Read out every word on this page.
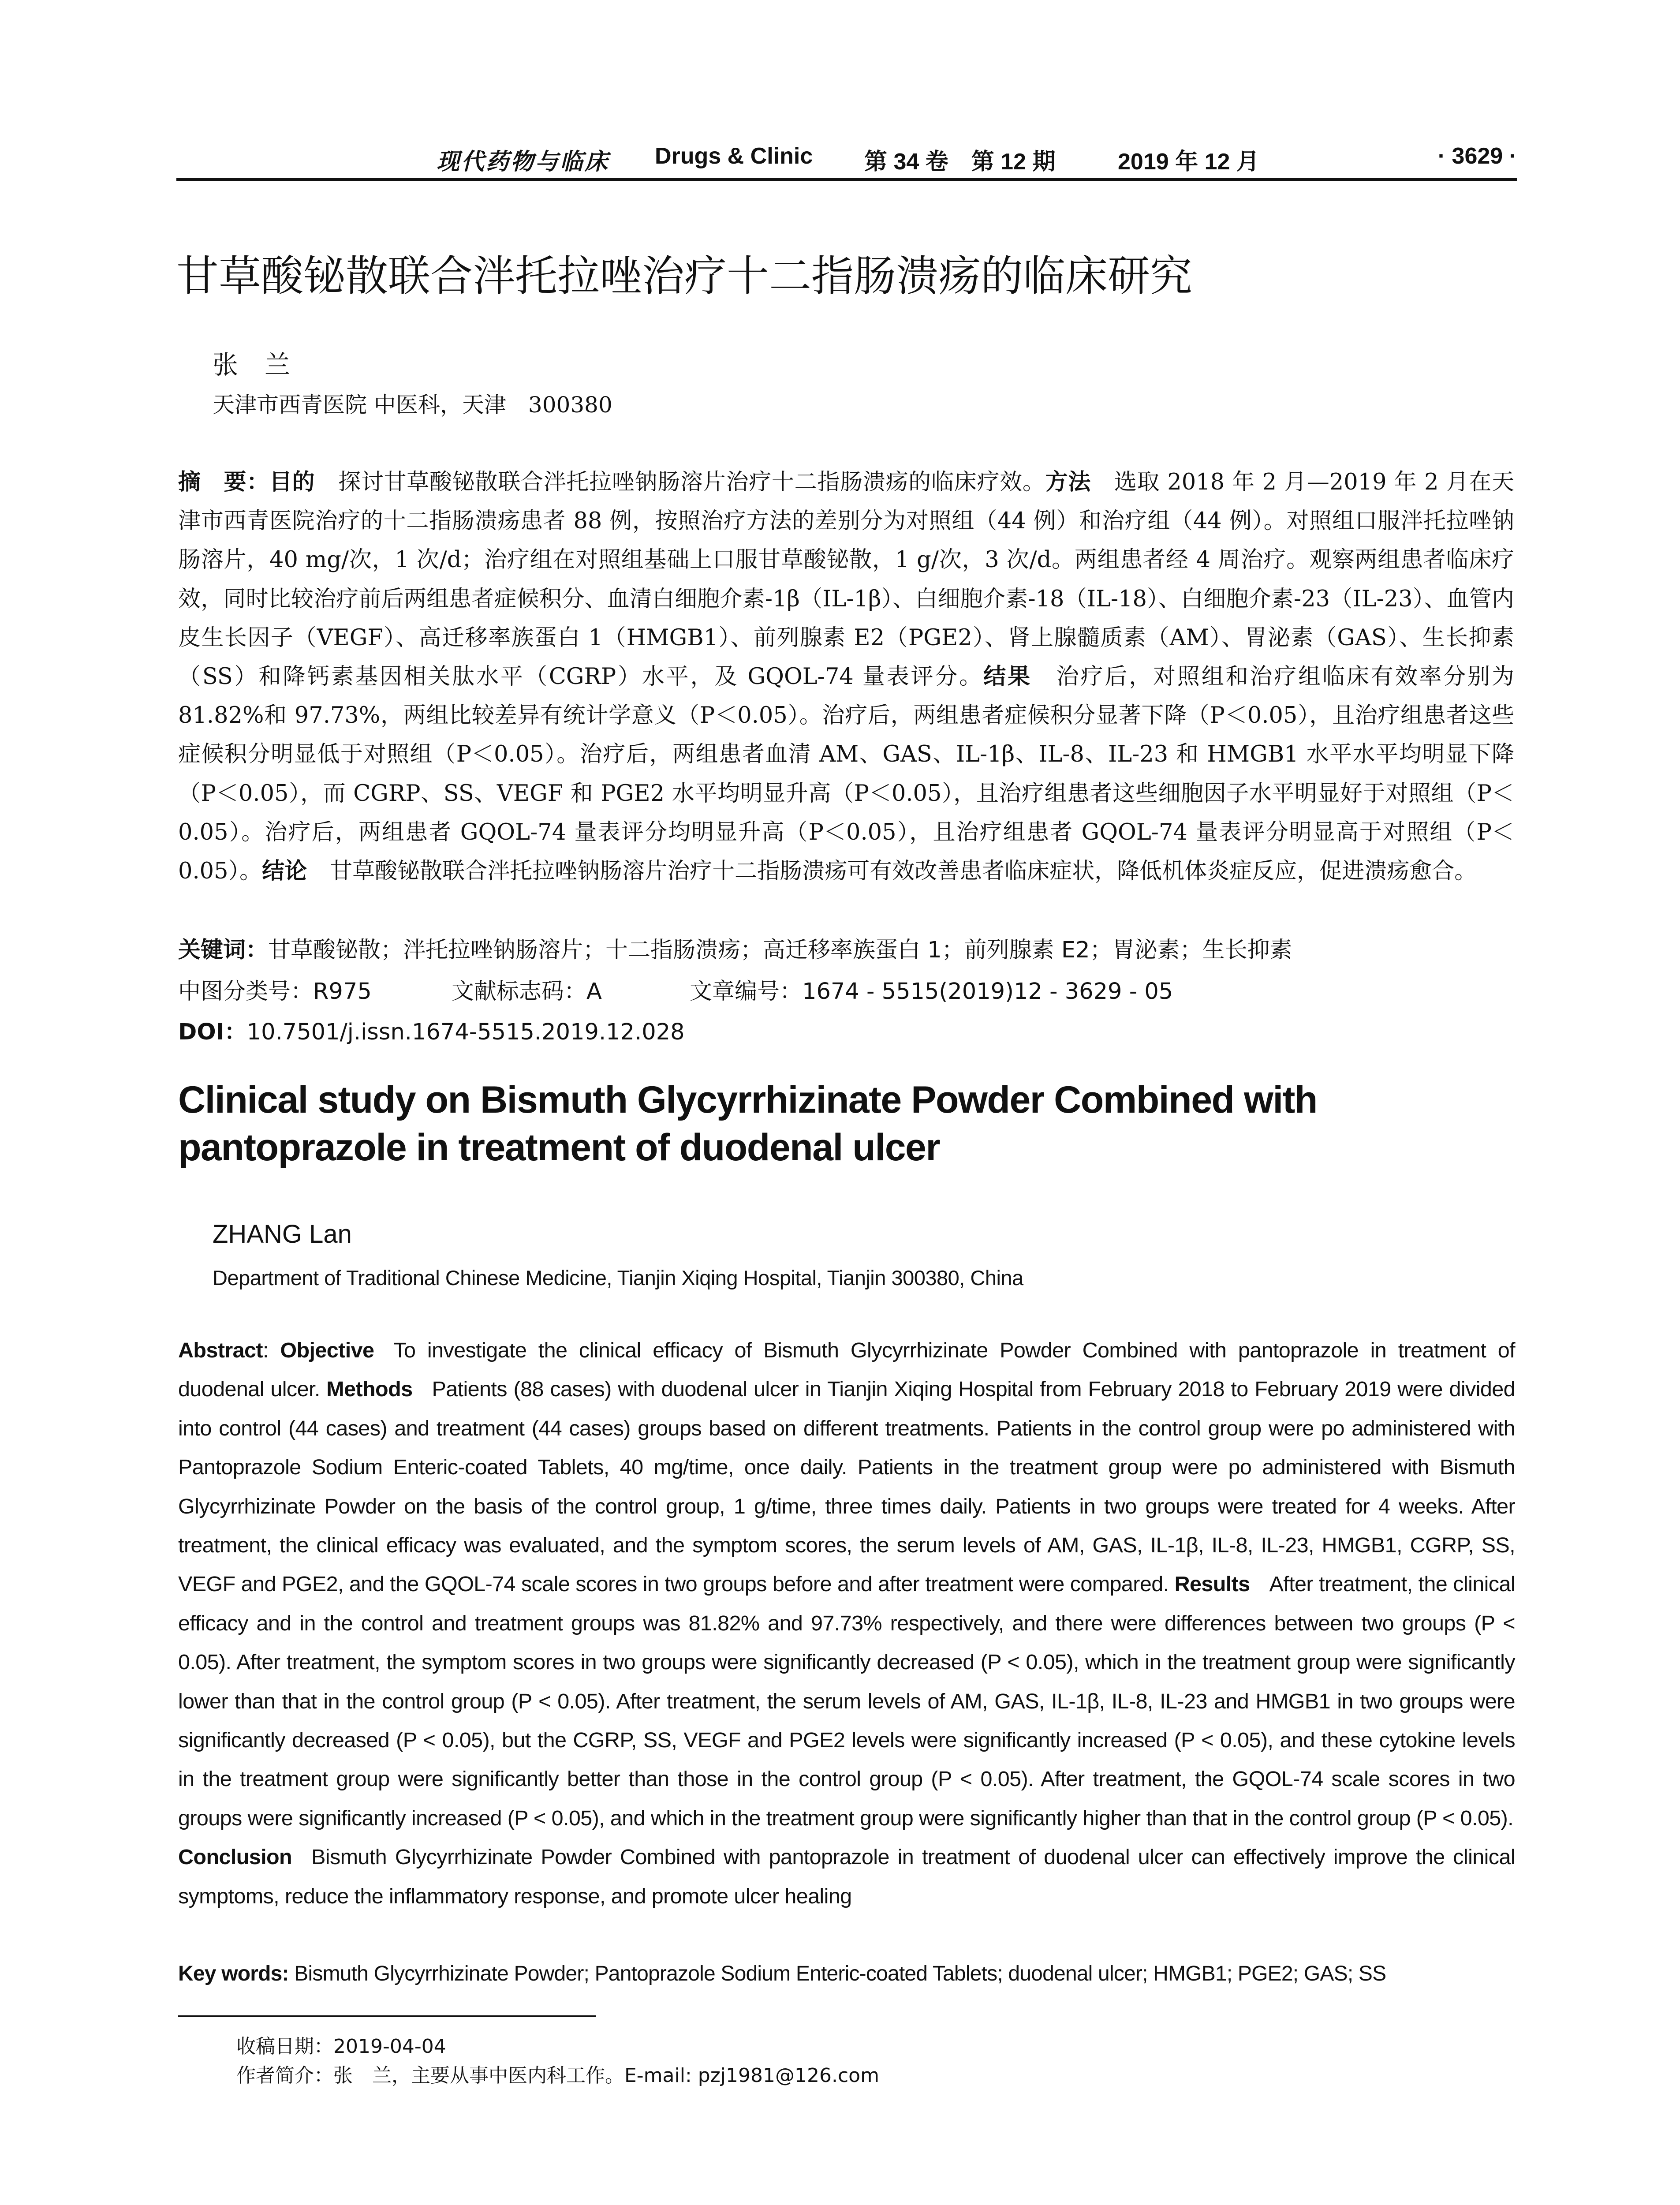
现代药物与临床 Drugs & Clinic 第 34 卷　第 12 期	2019 年 12 月	· 3629 ·
甘草酸铋散联合泮托拉唑治疗十二指肠溃疡的临床研究
张兰
天津市西青医院 中医科，天津　300380
摘　要：目的 探讨甘草酸铋散联合泮托拉唑钠肠溶片治疗十二指肠溃疡的临床疗效。方法 选取 2018 年 2 月—2019 年 2 月在天津市西青医院治疗的十二指肠溃疡患者 88 例，按照治疗方法的差别分为对照组（44 例）和治疗组（44 例）。对照组口服泮托拉唑钠肠溶片，40 mg/次，1 次/d；治疗组在对照组基础上口服甘草酸铋散，1 g/次，3 次/d。两组患者经 4 周治疗。观察两组患者临床疗效，同时比较治疗前后两组患者症候积分、血清白细胞介素-1β（IL-1β）、白细胞介素-18（IL-18）、白细胞介素-23（IL-23）、血管内皮生长因子（VEGF）、高迁移率族蛋白 1（HMGB1）、前列腺素 E2（PGE2）、肾上腺髓质素（AM）、胃泌素（GAS）、生长抑素（SS）和降钙素基因相关肽水平（CGRP）水平，及 GQOL-74 量表评分。结果 治疗后，对照组和治疗组临床有效率分别为 81.82%和 97.73%，两组比较差异有统计学意义（P＜0.05）。治疗后，两组患者症候积分显著下降（P＜0.05），且治疗组患者这些症候积分明显低于对照组（P＜0.05）。治疗后，两组患者血清 AM、GAS、IL-1β、IL-8、IL-23 和 HMGB1 水平水平均明显下降（P＜0.05），而 CGRP、SS、VEGF 和 PGE2 水平均明显升高（P＜0.05），且治疗组患者这些细胞因子水平明显好于对照组（P＜0.05）。治疗后，两组患者 GQOL-74 量表评分均明显升高（P＜0.05），且治疗组患者 GQOL-74 量表评分明显高于对照组（P＜0.05）。结论 甘草酸铋散联合泮托拉唑钠肠溶片治疗十二指肠溃疡可有效改善患者临床症状，降低机体炎症反应，促进溃疡愈合。
关键词：甘草酸铋散；泮托拉唑钠肠溶片；十二指肠溃疡；高迁移率族蛋白 1；前列腺素 E2；胃泌素；生长抑素
中图分类号：R975	文献标志码：A	文章编号：1674 - 5515(2019)12 - 3629 - 05
DOI：10.7501/j.issn.1674-5515.2019.12.028
Clinical study on Bismuth Glycyrrhizinate Powder Combined with pantoprazole in treatment of duodenal ulcer
ZHANG Lan
Department of Traditional Chinese Medicine, Tianjin Xiqing Hospital, Tianjin 300380, China
Abstract: Objective To investigate the clinical efficacy of Bismuth Glycyrrhizinate Powder Combined with pantoprazole in treatment of duodenal ulcer. Methods Patients (88 cases) with duodenal ulcer in Tianjin Xiqing Hospital from February 2018 to February 2019 were divided into control (44 cases) and treatment (44 cases) groups based on different treatments. Patients in the control group were po administered with Pantoprazole Sodium Enteric-coated Tablets, 40 mg/time, once daily. Patients in the treatment group were po administered with Bismuth Glycyrrhizinate Powder on the basis of the control group, 1 g/time, three times daily. Patients in two groups were treated for 4 weeks. After treatment, the clinical efficacy was evaluated, and the symptom scores, the serum levels of AM, GAS, IL-1β, IL-8, IL-23, HMGB1, CGRP, SS, VEGF and PGE2, and the GQOL-74 scale scores in two groups before and after treatment were compared. Results After treatment, the clinical efficacy and in the control and treatment groups was 81.82% and 97.73% respectively, and there were differences between two groups (P < 0.05). After treatment, the symptom scores in two groups were significantly decreased (P < 0.05), which in the treatment group were significantly lower than that in the control group (P < 0.05). After treatment, the serum levels of AM, GAS, IL-1β, IL-8, IL-23 and HMGB1 in two groups were significantly decreased (P < 0.05), but the CGRP, SS, VEGF and PGE2 levels were significantly increased (P < 0.05), and these cytokine levels in the treatment group were significantly better than those in the control group (P < 0.05). After treatment, the GQOL-74 scale scores in two groups were significantly increased (P < 0.05), and which in the treatment group were significantly higher than that in the control group (P < 0.05).
Conclusion Bismuth Glycyrrhizinate Powder Combined with pantoprazole in treatment of duodenal ulcer can effectively improve the clinical symptoms, reduce the inflammatory response, and promote ulcer healing
Key words: Bismuth Glycyrrhizinate Powder; Pantoprazole Sodium Enteric-coated Tablets; duodenal ulcer; HMGB1; PGE2; GAS; SS
收稿日期：2019-04-04
作者简介：张　兰，主要从事中医内科工作。E-mail: pzj1981@126.com
